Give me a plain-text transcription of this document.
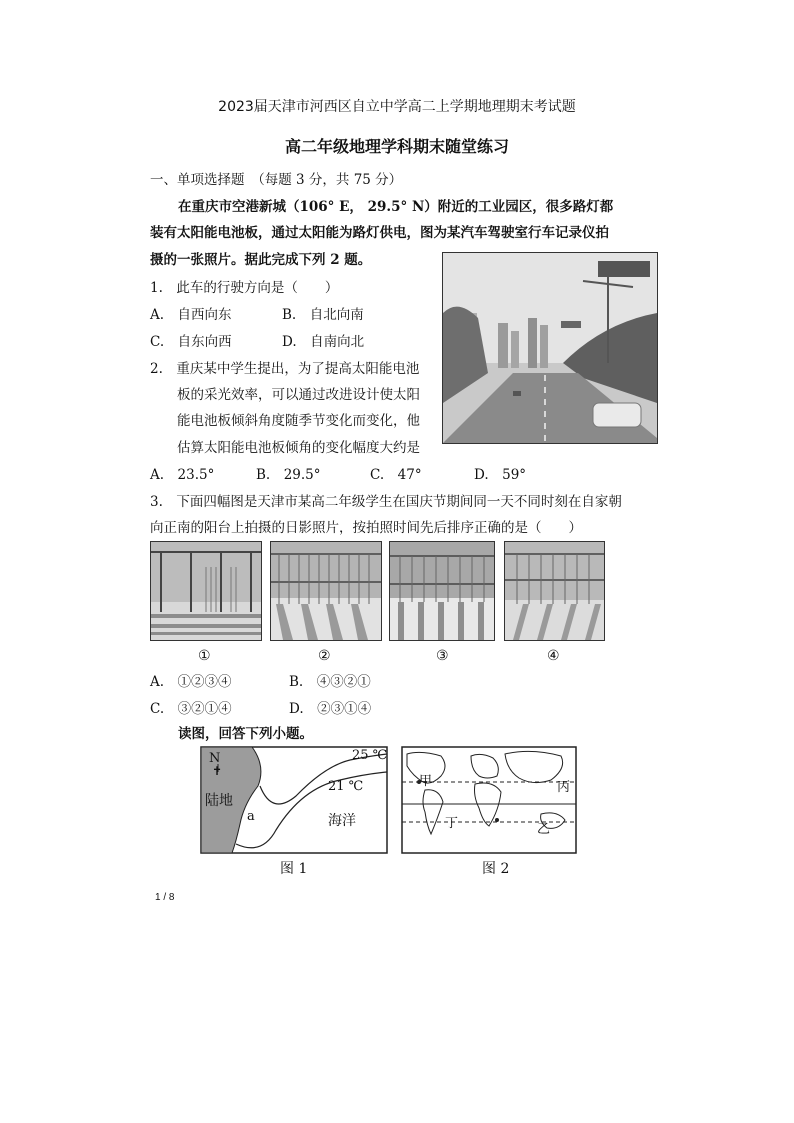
2023届天津市河西区自立中学高二上学期地理期末考试题
高二年级地理学科期末随堂练习
一、单项选择题　（每题 3 分，共 75 分）
在重庆市空港新城（106° E， 29.5° N）附近的工业园区，很多路灯都
装有太阳能电池板，通过太阳能为路灯供电，图为某汽车驾驶室行车记录仪拍
摄的一张照片。据此完成下列 2 题。
1.　此车的行驶方向是（　　）
A.　自西向东	B.　自北向南
C.　自东向西	D.　自南向北
2.　重庆某中学生提出，为了提高太阳能电池
板的采光效率，可以通过改进设计使太阳
能电池板倾斜角度随季节变化而变化，他
估算太阳能电池板倾角的变化幅度大约是
A.　23.5°	B.　29.5°	C.　47°	D.　59°
3.　下面四幅图是天津市某高二年级学生在国庆节期间同一天不同时刻在自家朝
向正南的阳台上拍摄的日影照片，按拍照时间先后排序正确的是（　　）
①	②	③	④
A.　①②③④	B.　④③②①
C.　③②①④	D.　②③①④
读图，回答下列小题。
N
✝
陆地
a
25 ℃
21 ℃
海洋
图 1
甲	丙
丁	乙
图 2
1 / 8
